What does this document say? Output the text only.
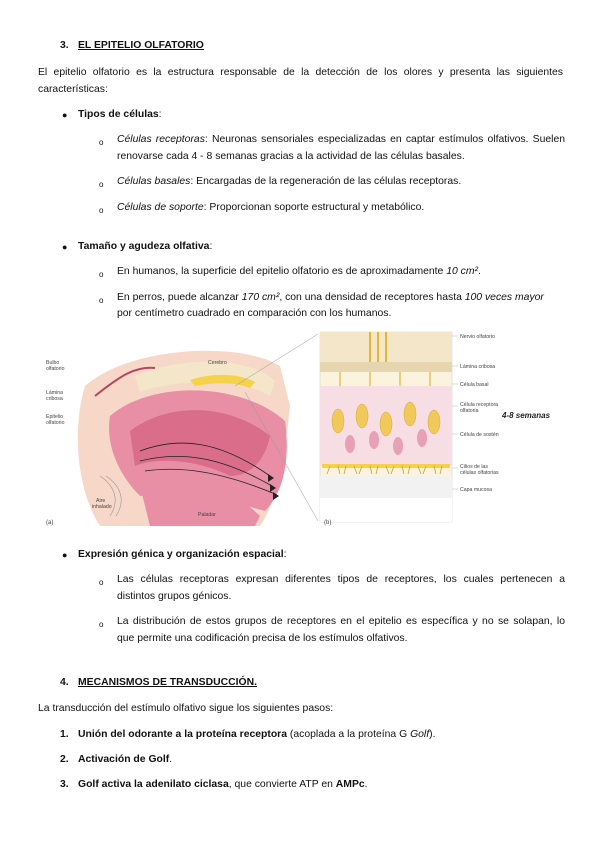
3. EL EPITELIO OLFATORIO
El epitelio olfatorio es la estructura responsable de la detección de los olores y presenta las siguientes
características:
● Tipos de células:
o Células receptoras: Neuronas sensoriales especializadas en captar estímulos olfativos. Suelen
renovarse cada 4 - 8 semanas gracias a la actividad de las células basales.
o Células basales: Encargadas de la regeneración de las células receptoras.
o Células de soporte: Proporcionan soporte estructural y metabólico.
● Tamaño y agudeza olfativa:
o En humanos, la superficie del epitelio olfatorio es de aproximadamente 10 cm².
o En perros, puede alcanzar 170 cm², con una densidad de receptores hasta 100 veces mayor
por centímetro cuadrado en comparación con los humanos.
Bulbo
olfatorio
Lámina
cribosa
Epitelio
olfatorio
Cerebro
Aire
inhalado
Paladar
(a)
Nervio olfatorio
Lámina cribosa
Célula basal
Célula receptora
olfatoria
Célula de sostén
Cilios de las
células olfatorias
Capa mucosa
4-8 semanas
(b)
● Expresión génica y organización espacial:
o Las células receptoras expresan diferentes tipos de receptores, los cuales pertenecen a
distintos grupos génicos.
o La distribución de estos grupos de receptores en el epitelio es específica y no se solapan, lo
que permite una codificación precisa de los estímulos olfativos.
4. MECANISMOS DE TRANSDUCCIÓN.
La transducción del estímulo olfativo sigue los siguientes pasos:
1. Unión del odorante a la proteína receptora (acoplada a la proteína G Golf).
2. Activación de Golf.
3. Golf activa la adenilato ciclasa, que convierte ATP en AMPc.
